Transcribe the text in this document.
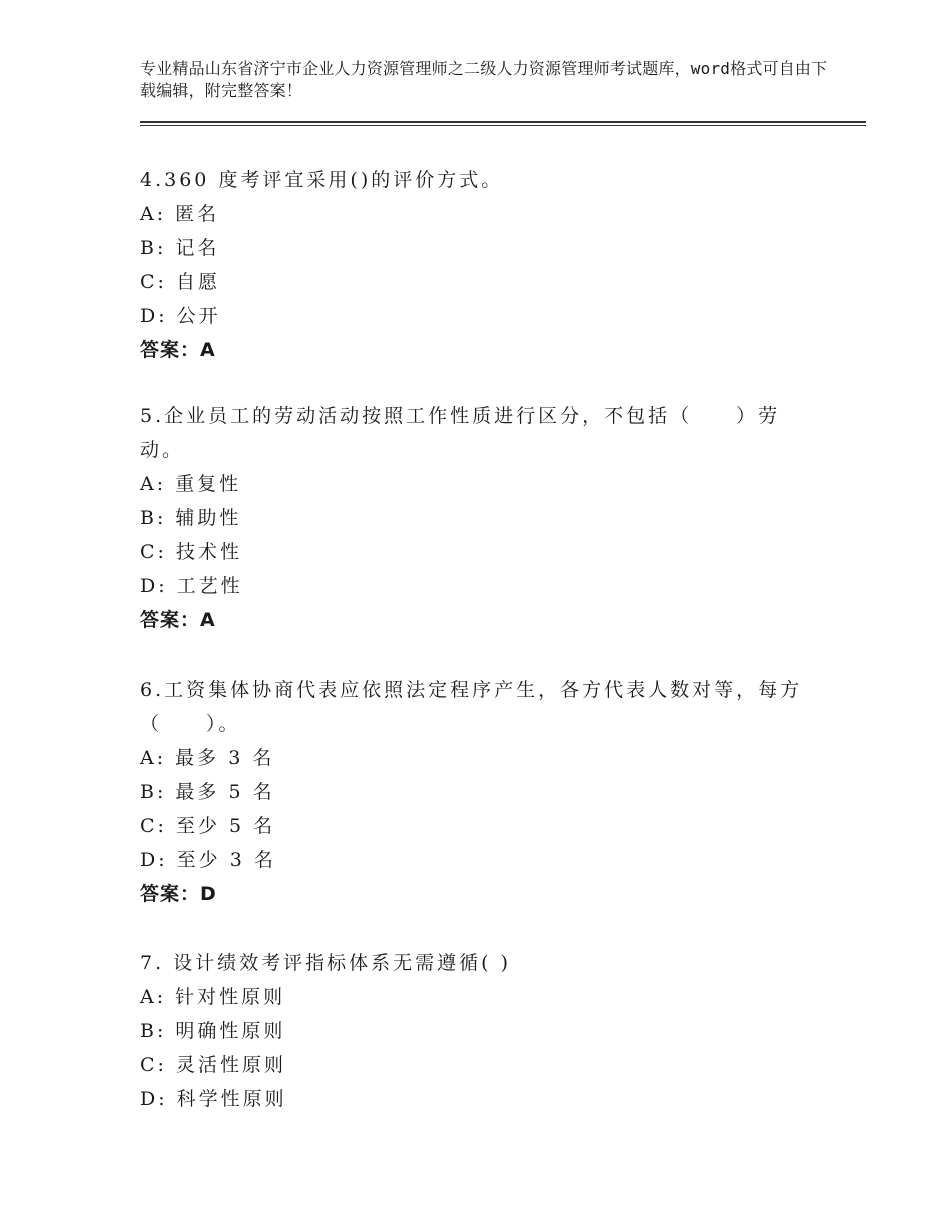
专业精品山东省济宁市企业人力资源管理师之二级人力资源管理师考试题库，word格式可自由下载编辑，附完整答案！
4.360 度考评宜采用()的评价方式。
A: 匿名
B: 记名
C: 自愿
D: 公开
答案：A
5.企业员工的劳动活动按照工作性质进行区分，不包括（　　）劳
动。
A: 重复性
B: 辅助性
C: 技术性
D: 工艺性
答案：A
6.工资集体协商代表应依照法定程序产生，各方代表人数对等，每方
（　　）。
A: 最多 3 名
B: 最多 5 名
C: 至少 5 名
D: 至少 3 名
答案：D
7. 设计绩效考评指标体系无需遵循( )
A: 针对性原则
B: 明确性原则
C: 灵活性原则
D: 科学性原则
